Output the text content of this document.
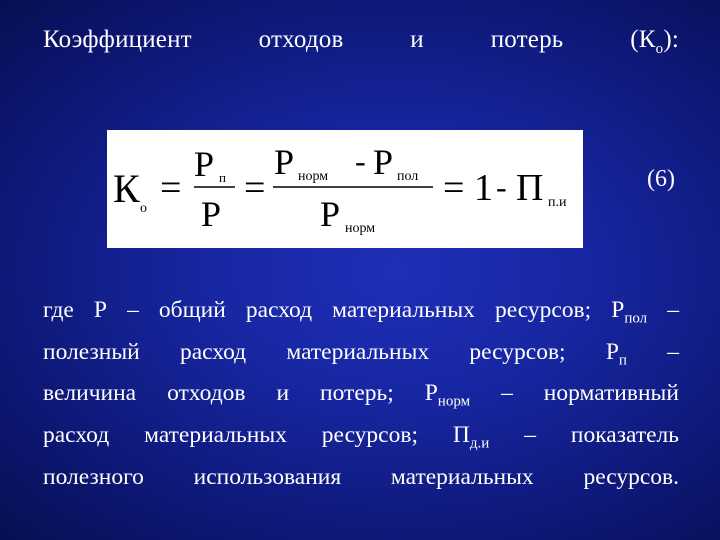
Коэффициент	отходов	и	потерь	$(К_о)$:
К о =
Р п
Р
=
Р норм - Р пол
Р норм
= 1 - П п.и
(6)
где Р – общий расход материальных ресурсов; $Р_{пол}$ –
полезный расход материальных ресурсов; $Р_п$ –
величина отходов и потерь; $Р_{норм}$ – нормативный
расход материальных ресурсов; $П_{д.и}$ – показатель
полезного использования материальных ресурсов.
